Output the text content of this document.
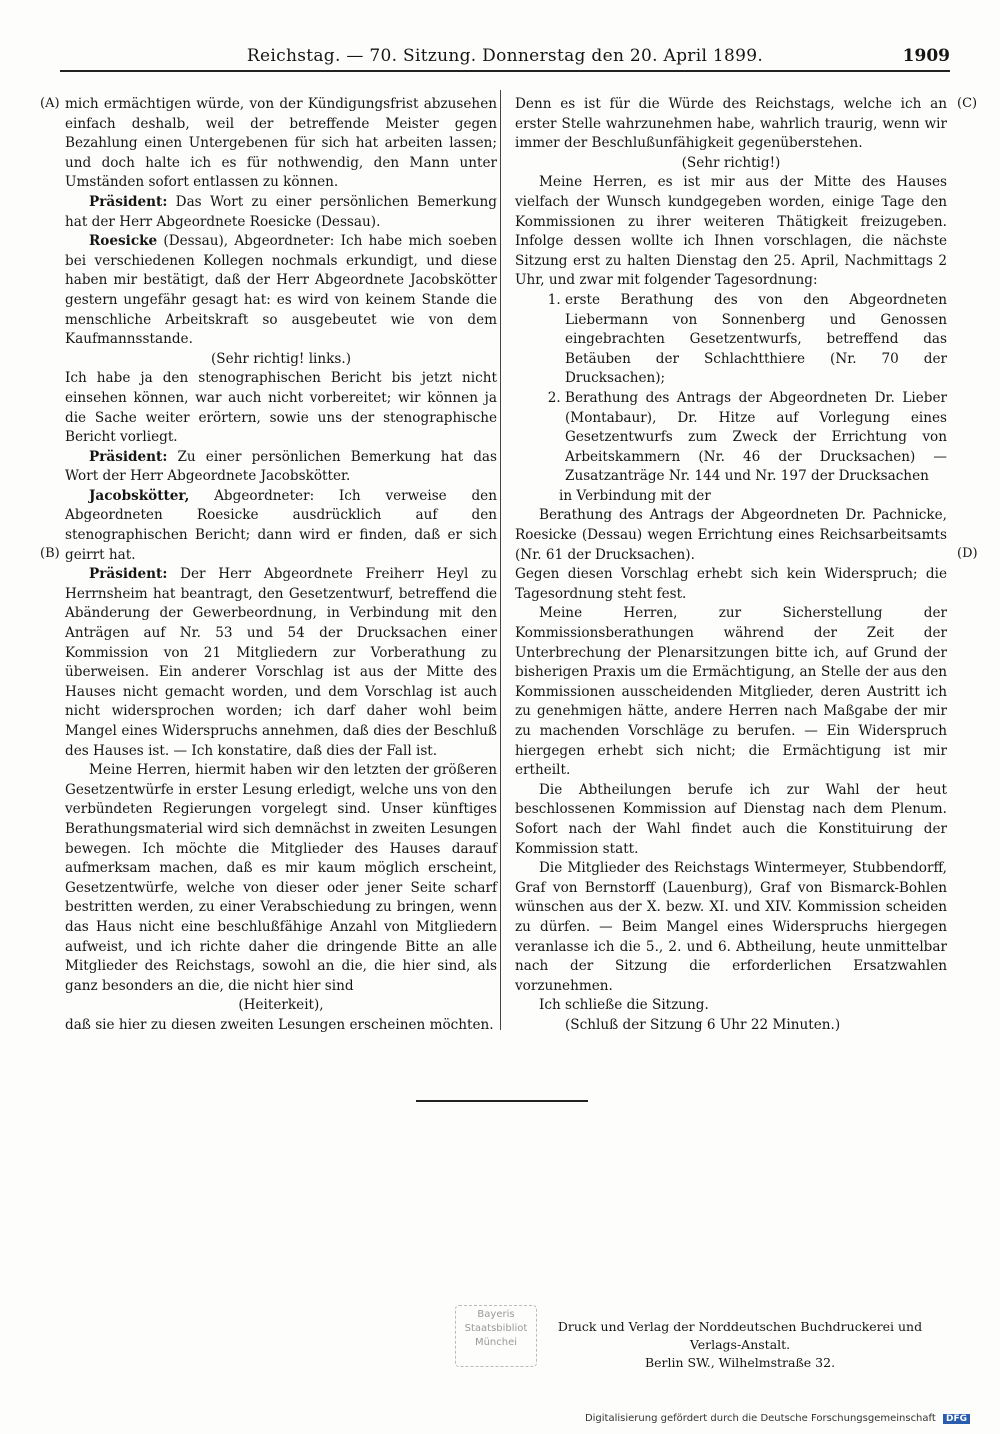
Reichstag. — 70. Sitzung. Donnerstag den 20. April 1899.	1909
(A)
(B)
(C)
(D)

mich ermächtigen würde, von der Kündigungsfrist abzusehen einfach deshalb, weil der betreffende Meister gegen Bezahlung einen Untergebenen für sich hat arbeiten lassen; und doch halte ich es für nothwendig, den Mann unter Umständen sofort entlassen zu können.

Präsident: Das Wort zu einer persönlichen Bemerkung hat der Herr Abgeordnete Roesicke (Dessau).

Roesicke (Dessau), Abgeordneter: Ich habe mich soeben bei verschiedenen Kollegen nochmals erkundigt, und diese haben mir bestätigt, daß der Herr Abgeordnete Jacobskötter gestern ungefähr gesagt hat: es wird von keinem Stande die menschliche Arbeitskraft so ausgebeutet wie von dem Kaufmannsstande.

(Sehr richtig! links.)

Ich habe ja den stenographischen Bericht bis jetzt nicht einsehen können, war auch nicht vorbereitet; wir können ja die Sache weiter erörtern, sowie uns der stenographische Bericht vorliegt.

Präsident: Zu einer persönlichen Bemerkung hat das Wort der Herr Abgeordnete Jacobskötter.

Jacobskötter, Abgeordneter: Ich verweise den Abgeordneten Roesicke ausdrücklich auf den stenographischen Bericht; dann wird er finden, daß er sich geirrt hat.

Präsident: Der Herr Abgeordnete Freiherr Heyl zu Herrnsheim hat beantragt, den Gesetzentwurf, betreffend die Abänderung der Gewerbeordnung, in Verbindung mit den Anträgen auf Nr. 53 und 54 der Drucksachen einer Kommission von 21 Mitgliedern zur Vorberathung zu überweisen. Ein anderer Vorschlag ist aus der Mitte des Hauses nicht gemacht worden, und dem Vorschlag ist auch nicht widersprochen worden; ich darf daher wohl beim Mangel eines Widerspruchs annehmen, daß dies der Beschluß des Hauses ist. — Ich konstatire, daß dies der Fall ist.

Meine Herren, hiermit haben wir den letzten der größeren Gesetzentwürfe in erster Lesung erledigt, welche uns von den verbündeten Regierungen vorgelegt sind. Unser künftiges Berathungsmaterial wird sich demnächst in zweiten Lesungen bewegen. Ich möchte die Mitglieder des Hauses darauf aufmerksam machen, daß es mir kaum möglich erscheint, Gesetzentwürfe, welche von dieser oder jener Seite scharf bestritten werden, zu einer Verabschiedung zu bringen, wenn das Haus nicht eine beschlußfähige Anzahl von Mitgliedern aufweist, und ich richte daher die dringende Bitte an alle Mitglieder des Reichstags, sowohl an die, die hier sind, als ganz besonders an die, die nicht hier sind

(Heiterkeit),

daß sie hier zu diesen zweiten Lesungen erscheinen möchten.

Denn es ist für die Würde des Reichstags, welche ich an erster Stelle wahrzunehmen habe, wahrlich traurig, wenn wir immer der Beschlußunfähigkeit gegenüberstehen.

(Sehr richtig!)

Meine Herren, es ist mir aus der Mitte des Hauses vielfach der Wunsch kundgegeben worden, einige Tage den Kommissionen zu ihrer weiteren Thätigkeit freizugeben. Infolge dessen wollte ich Ihnen vorschlagen, die nächste Sitzung erst zu halten Dienstag den 25. April, Nachmittags 2 Uhr, und zwar mit folgender Tagesordnung:

1. erste Berathung des von den Abgeordneten Liebermann von Sonnenberg und Genossen eingebrachten Gesetzentwurfs, betreffend das Betäuben der Schlachtthiere (Nr. 70 der Drucksachen);
2. Berathung des Antrags der Abgeordneten Dr. Lieber (Montabaur), Dr. Hitze auf Vorlegung eines Gesetzentwurfs zum Zweck der Errichtung von Arbeitskammern (Nr. 46 der Drucksachen) — Zusatzanträge Nr. 144 und Nr. 197 der Drucksachen

in Verbindung mit der

Berathung des Antrags der Abgeordneten Dr. Pachnicke, Roesicke (Dessau) wegen Errichtung eines Reichsarbeitsamts (Nr. 61 der Drucksachen).

Gegen diesen Vorschlag erhebt sich kein Widerspruch; die Tagesordnung steht fest.

Meine Herren, zur Sicherstellung der Kommissionsberathungen während der Zeit der Unterbrechung der Plenarsitzungen bitte ich, auf Grund der bisherigen Praxis um die Ermächtigung, an Stelle der aus den Kommissionen ausscheidenden Mitglieder, deren Austritt ich zu genehmigen hätte, andere Herren nach Maßgabe der mir zu machenden Vorschläge zu berufen. — Ein Widerspruch hiergegen erhebt sich nicht; die Ermächtigung ist mir ertheilt.

Die Abtheilungen berufe ich zur Wahl der heut beschlossenen Kommission auf Dienstag nach dem Plenum. Sofort nach der Wahl findet auch die Konstituirung der Kommission statt.

Die Mitglieder des Reichstags Wintermeyer, Stubbendorff, Graf von Bernstorff (Lauenburg), Graf von Bismarck-Bohlen wünschen aus der X. bezw. XI. und XIV. Kommission scheiden zu dürfen. — Beim Mangel eines Widerspruchs hiergegen veranlasse ich die 5., 2. und 6. Abtheilung, heute unmittelbar nach der Sitzung die erforderlichen Ersatzwahlen vorzunehmen.

Ich schließe die Sitzung.

(Schluß der Sitzung 6 Uhr 22 Minuten.)

Bayeris
Staatsbibliot
Münchei
Druck und Verlag der Norddeutschen Buchdruckerei und Verlags-Anstalt.
Berlin SW., Wilhelmstraße 32.
Digitalisierung gefördert durch die Deutsche Forschungsgemeinschaft DFG
